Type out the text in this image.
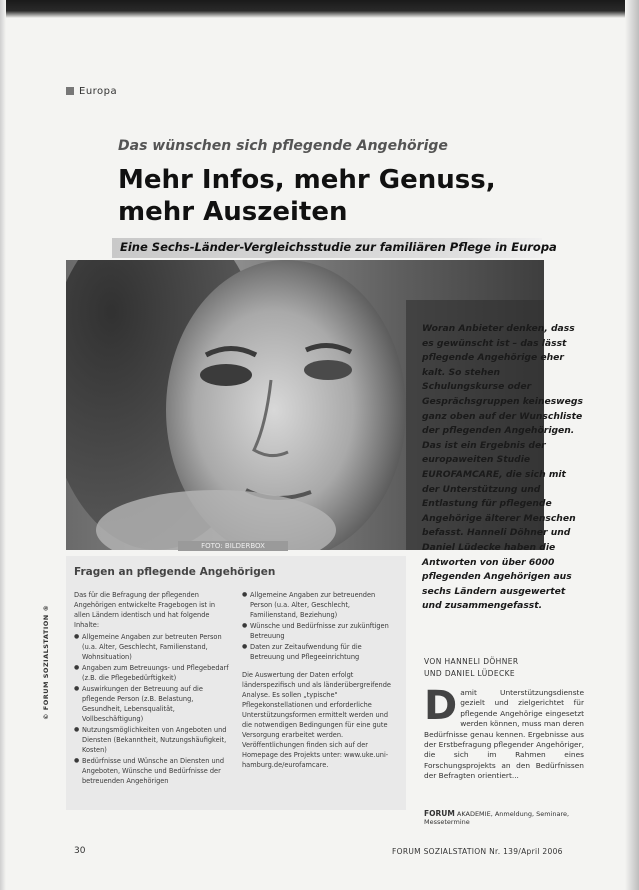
Europa
Das wünschen sich pflegende Angehörige
Mehr Infos, mehr Genuss,
mehr Auszeiten
Eine Sechs-Länder-Vergleichsstudie zur familiären Pflege in Europa

Woran Anbieter denken, dass es gewünscht ist – das lässt pflegende Angehörige eher kalt. So stehen Schulungskurse oder Gesprächsgruppen keineswegs ganz oben auf der Wunschliste der pflegenden Angehörigen. Das ist ein Ergebnis der europaweiten Studie EUROFAMCARE, die sich mit der Unterstützung und Entlastung für pflegende Angehörige älterer Menschen befasst. Hanneli Döhner und Daniel Lüdecke haben die Antworten von über 6000 pflegenden Angehörigen aus sechs Ländern ausgewertet und zusammengefasst.

FOTO: BILDERBOX
Fragen an pflegende Angehörigen

Das für die Befragung der pflegenden Angehörigen entwickelte Fragebogen ist in allen Ländern identisch und hat folgende Inhalte:

● Allgemeine Angaben zur betreuten Person (u.a. Alter, Geschlecht, Familienstand, Wohnsituation)
● Angaben zum Betreuungs- und Pflegebedarf (z.B. die Pflegebedürftigkeit)
● Auswirkungen der Betreuung auf die pflegende Person (z.B. Belastung, Gesundheit, Lebensqualität, Vollbeschäftigung)
● Nutzungsmöglichkeiten von Angeboten und Diensten (Bekanntheit, Nutzungshäufigkeit, Kosten)
● Bedürfnisse und Wünsche an Diensten und Angeboten, Wünsche und Bedürfnisse der betreuenden Angehörigen
● Allgemeine Angaben zur betreuenden Person (u.a. Alter, Geschlecht, Familienstand, Beziehung)
● Wünsche und Bedürfnisse zur zukünftigen Betreuung
● Daten zur Zeitaufwendung für die Betreuung und Pflegeeinrichtung

Die Auswertung der Daten erfolgt länderspezifisch und als länderübergreifende Analyse. Es sollen „typische" Pflegekonstellationen und erforderliche Unterstützungsformen ermittelt werden und die notwendigen Bedingungen für eine gute Versorgung erarbeitet werden. Veröffentlichungen finden sich auf der Homepage des Projekts unter: www.uke.uni-hamburg.de/eurofamcare.

© FORUM SOZIALSTATION ®	VON HANNELI DÖHNER
UND DANIEL LÜDECKE

Damit Unterstützungsdienste gezielt und zielgerichtet für pflegende Angehörige eingesetzt werden können, muss man deren Bedürfnisse genau kennen. Ergebnisse aus der Erstbefragung pflegender Angehöriger, die sich im Rahmen eines Forschungsprojekts an den Bedürfnissen der Befragten orientiert...

FORUM AKADEMIE, Anmeldung, Seminare, Messetermine
30	FORUM SOZIALSTATION Nr. 139/April 2006
